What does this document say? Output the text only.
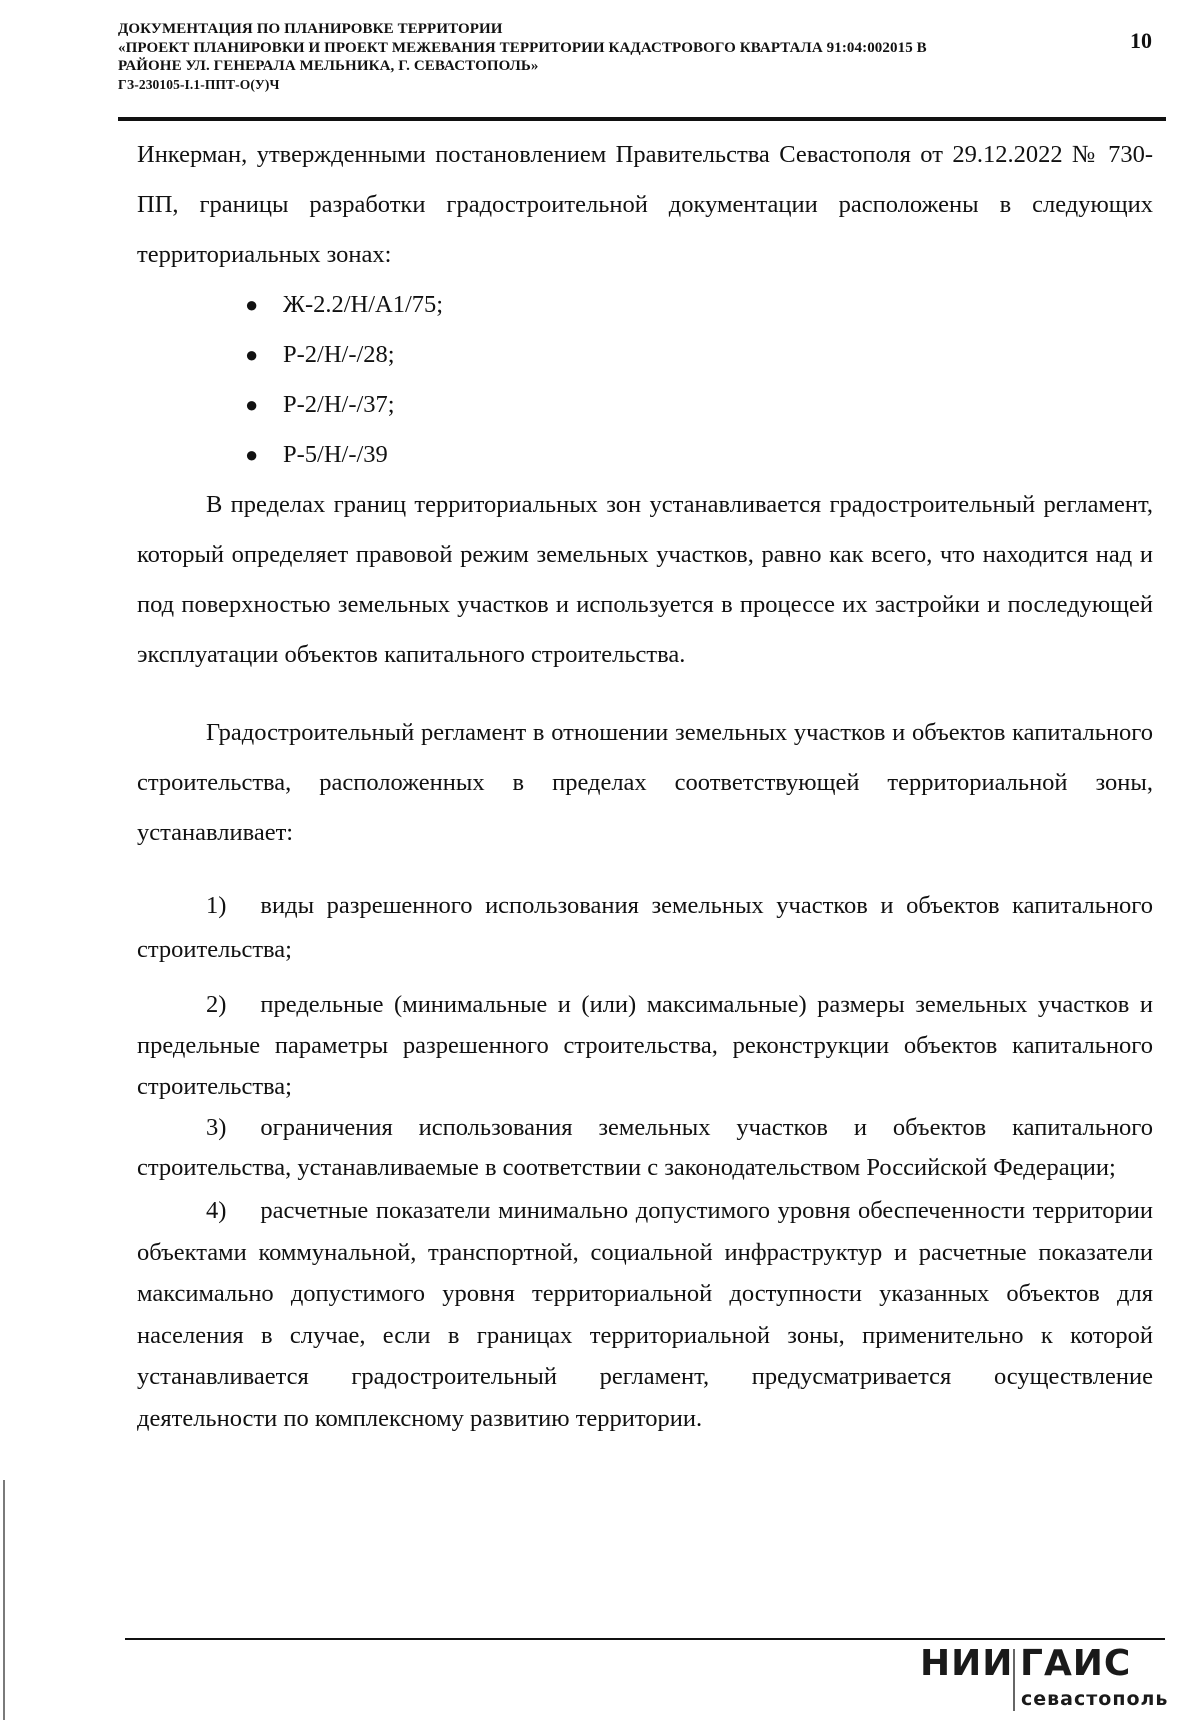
ДОКУМЕНТАЦИЯ ПО ПЛАНИРОВКЕ ТЕРРИТОРИИ
«ПРОЕКТ ПЛАНИРОВКИ И ПРОЕКТ МЕЖЕВАНИЯ ТЕРРИТОРИИ КАДАСТРОВОГО КВАРТАЛА 91:04:002015 В
РАЙОНЕ УЛ. ГЕНЕРАЛА МЕЛЬНИКА, Г. СЕВАСТОПОЛЬ»
ГЗ-230105-I.1-ППТ-О(У)Ч
10

Инкерман, утвержденными постановлением Правительства Севастополя от 29.12.2022 № 730-ПП, границы разработки градостроительной документации расположены в следующих территориальных зонах:

● Ж-2.2/Н/А1/75;
● Р-2/Н/-/28;
● Р-2/Н/-/37;
● Р-5/Н/-/39

В пределах границ территориальных зон устанавливается градостроительный регламент, который определяет правовой режим земельных участков, равно как всего, что находится над и под поверхностью земельных участков и используется в процессе их застройки и последующей эксплуатации объектов капитального строительства.

Градостроительный регламент в отношении земельных участков и объектов капитального строительства, расположенных в пределах соответствующей территориальной зоны, устанавливает:

1) виды разрешенного использования земельных участков и объектов капитального строительства;

2) предельные (минимальные и (или) максимальные) размеры земельных участков и предельные параметры разрешенного строительства, реконструкции объектов капитального строительства;

3) ограничения использования земельных участков и объектов капитального строительства, устанавливаемые в соответствии с законодательством Российской Федерации;

4) расчетные показатели минимально допустимого уровня обеспеченности территории объектами коммунальной, транспортной, социальной инфраструктур и расчетные показатели максимально допустимого уровня территориальной доступности указанных объектов для населения в случае, если в границах территориальной зоны, применительно к которой устанавливается градостроительный регламент, предусматривается осуществление деятельности по комплексному развитию территории.

НИИ ГАИС
севастополь
